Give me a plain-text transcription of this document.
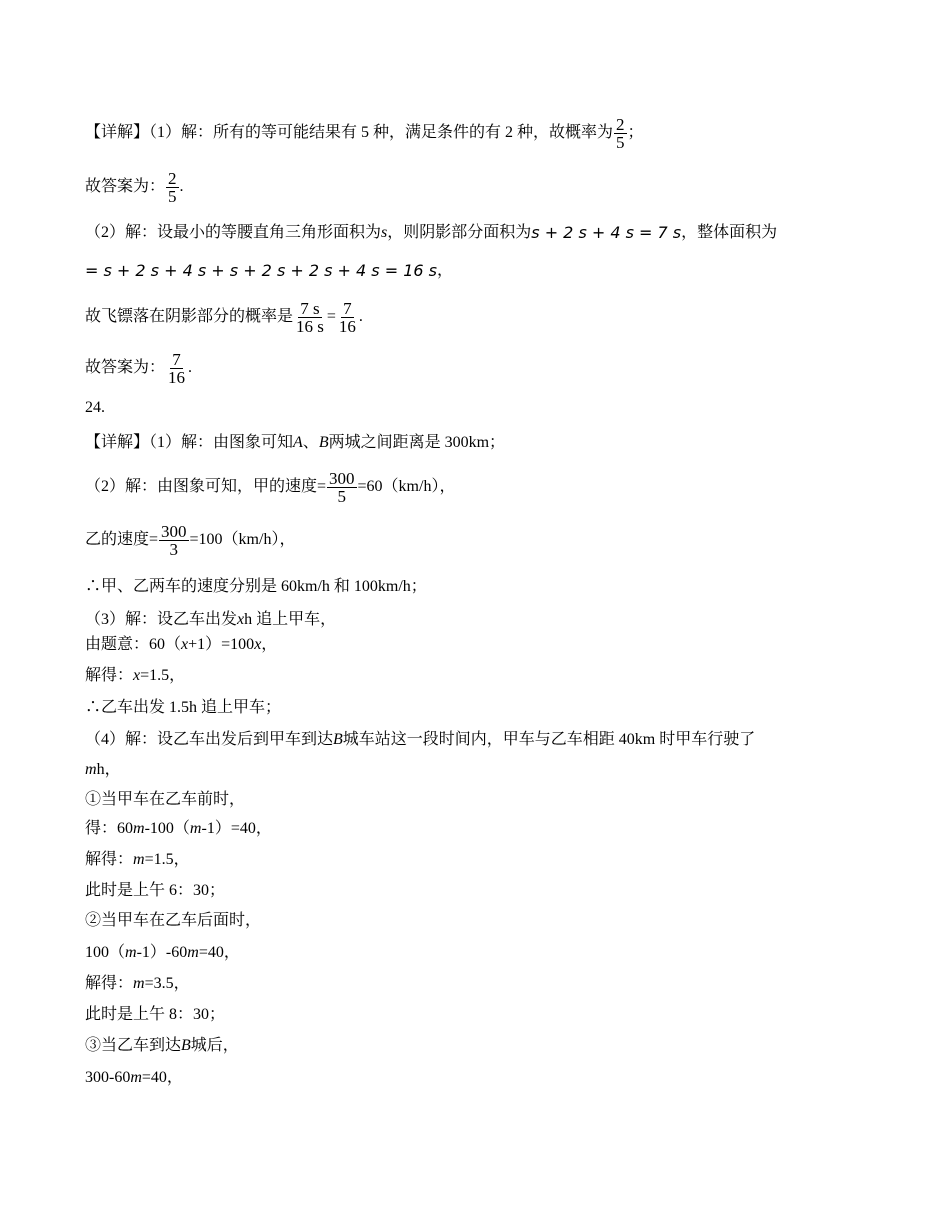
【详解】（1）解：所有的等可能结果有 5 种，满足条件的有 2 种，故概率为 $\frac{2}{5}$ ；
故答案为： $\frac{2}{5}$ .
（2）解：设最小的等腰直角三角形面积为 s ，则阴影部分面积为 s + 2 s + 4 s = 7 s ，整体面积为
= s + 2 s + 4 s + s + 2 s + 2 s + 4 s = 16 s ，
故飞镖落在阴影部分的概率是 $\frac{7 s}{16 s} = \frac{7}{16}$ .
故答案为： $\frac{7}{16}$ .
24.
【详解】（1）解：由图象可知 A 、 B 两城之间距离是 300km；
（2）解：由图象可知，甲的速度= $\frac{300}{5} =60(km/h)$，
乙的速度= $\frac{300}{3} =100(km/h)$，
∴甲、乙两车的速度分别是 60km/h 和 100km/h；
（3）解：设乙车出发 x h 追上甲车，
由题意：60（ x +1）=100 x ，
解得： x =1.5，
∴乙车出发 1.5h 追上甲车；
（4）解：设乙车出发后到甲车到达 B 城车站这一段时间内，甲车与乙车相距 40km 时甲车行驶了
m h，
①当甲车在乙车前时，
得：60 m -100（ m -1）=40，
解得： m =1.5，
此时是上午 6：30；
②当甲车在乙车后面时，
100（ m -1）-60 m =40，
解得： m =3.5，
此时是上午 8：30；
③当乙车到达 B 城后，
300-60 m =40，
